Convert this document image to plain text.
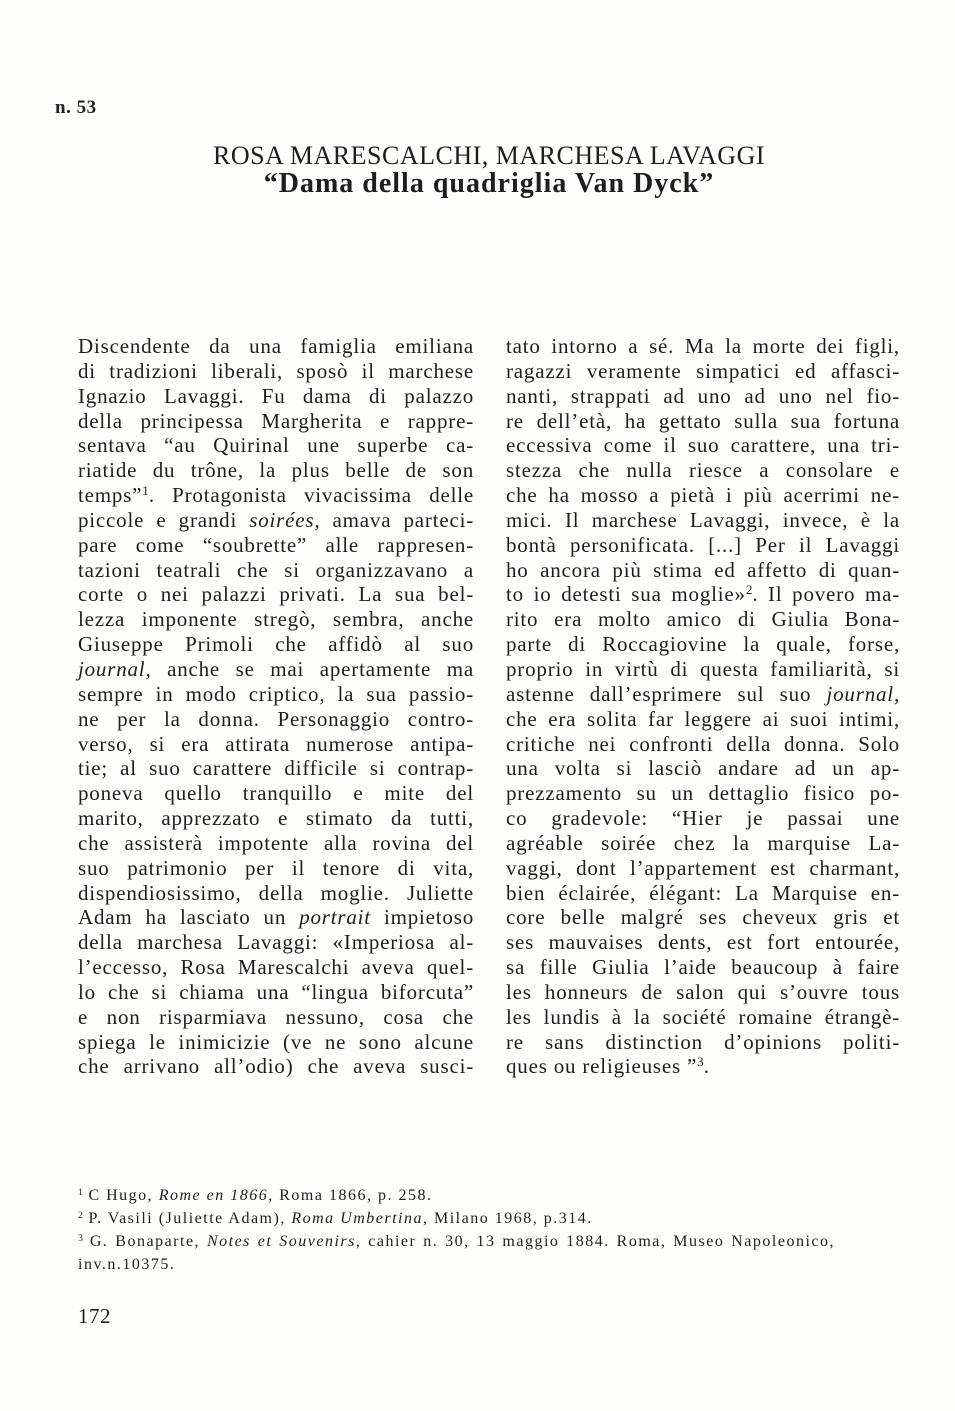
n. 53
ROSA MARESCALCHI, MARCHESA LAVAGGI
“Dama della quadriglia Van Dyck”
Discendente da una famiglia emiliana
di tradizioni liberali, sposò il marchese
Ignazio Lavaggi. Fu dama di palazzo
della principessa Margherita e rappre-
sentava “au Quirinal une superbe ca-
riatide du trône, la plus belle de son
temps”$^1$. Protagonista vivacissima delle
piccole e grandi soirées, amava parteci-
pare come “soubrette” alle rappresen-
tazioni teatrali che si organizzavano a
corte o nei palazzi privati. La sua bel-
lezza imponente stregò, sembra, anche
Giuseppe Primoli che affidò al suo
journal, anche se mai apertamente ma
sempre in modo criptico, la sua passio-
ne per la donna. Personaggio contro-
verso, si era attirata numerose antipa-
tie; al suo carattere difficile si contrap-
poneva quello tranquillo e mite del
marito, apprezzato e stimato da tutti,
che assisterà impotente alla rovina del
suo patrimonio per il tenore di vita,
dispendiosissimo, della moglie. Juliette
Adam ha lasciato un portrait impietoso
della marchesa Lavaggi: «Imperiosa al-
l’eccesso, Rosa Marescalchi aveva quel-
lo che si chiama una “lingua biforcuta”
e non risparmiava nessuno, cosa che
spiega le inimicizie (ve ne sono alcune
che arrivano all’odio) che aveva susci-
tato intorno a sé. Ma la morte dei figli,
ragazzi veramente simpatici ed affasci-
nanti, strappati ad uno ad uno nel fio-
re dell’età, ha gettato sulla sua fortuna
eccessiva come il suo carattere, una tri-
stezza che nulla riesce a consolare e
che ha mosso a pietà i più acerrimi ne-
mici. Il marchese Lavaggi, invece, è la
bontà personificata. [...] Per il Lavaggi
ho ancora più stima ed affetto di quan-
to io detesti sua moglie»$^2$. Il povero ma-
rito era molto amico di Giulia Bona-
parte di Roccagiovine la quale, forse,
proprio in virtù di questa familiarità, si
astenne dall’esprimere sul suo journal,
che era solita far leggere ai suoi intimi,
critiche nei confronti della donna. Solo
una volta si lasciò andare ad un ap-
prezzamento su un dettaglio fisico po-
co gradevole: “Hier je passai une
agréable soirée chez la marquise La-
vaggi, dont l’appartement est charmant,
bien éclairée, élégant: La Marquise en-
core belle malgré ses cheveux gris et
ses mauvaises dents, est fort entourée,
sa fille Giulia l’aide beaucoup à faire
les honneurs de salon qui s’ouvre tous
les lundis à la société romaine étrangè-
re sans distinction d’opinions politi-
ques ou religieuses ”$^3$.
$^1$ C Hugo, Rome en 1866, Roma 1866, p. 258.
$^2$ P. Vasili (Juliette Adam), Roma Umbertina, Milano 1968, p.314.
$^3$ G. Bonaparte, Notes et Souvenirs, cahier n. 30, 13 maggio 1884. Roma, Museo Napoleonico,
inv.n.10375.
172
